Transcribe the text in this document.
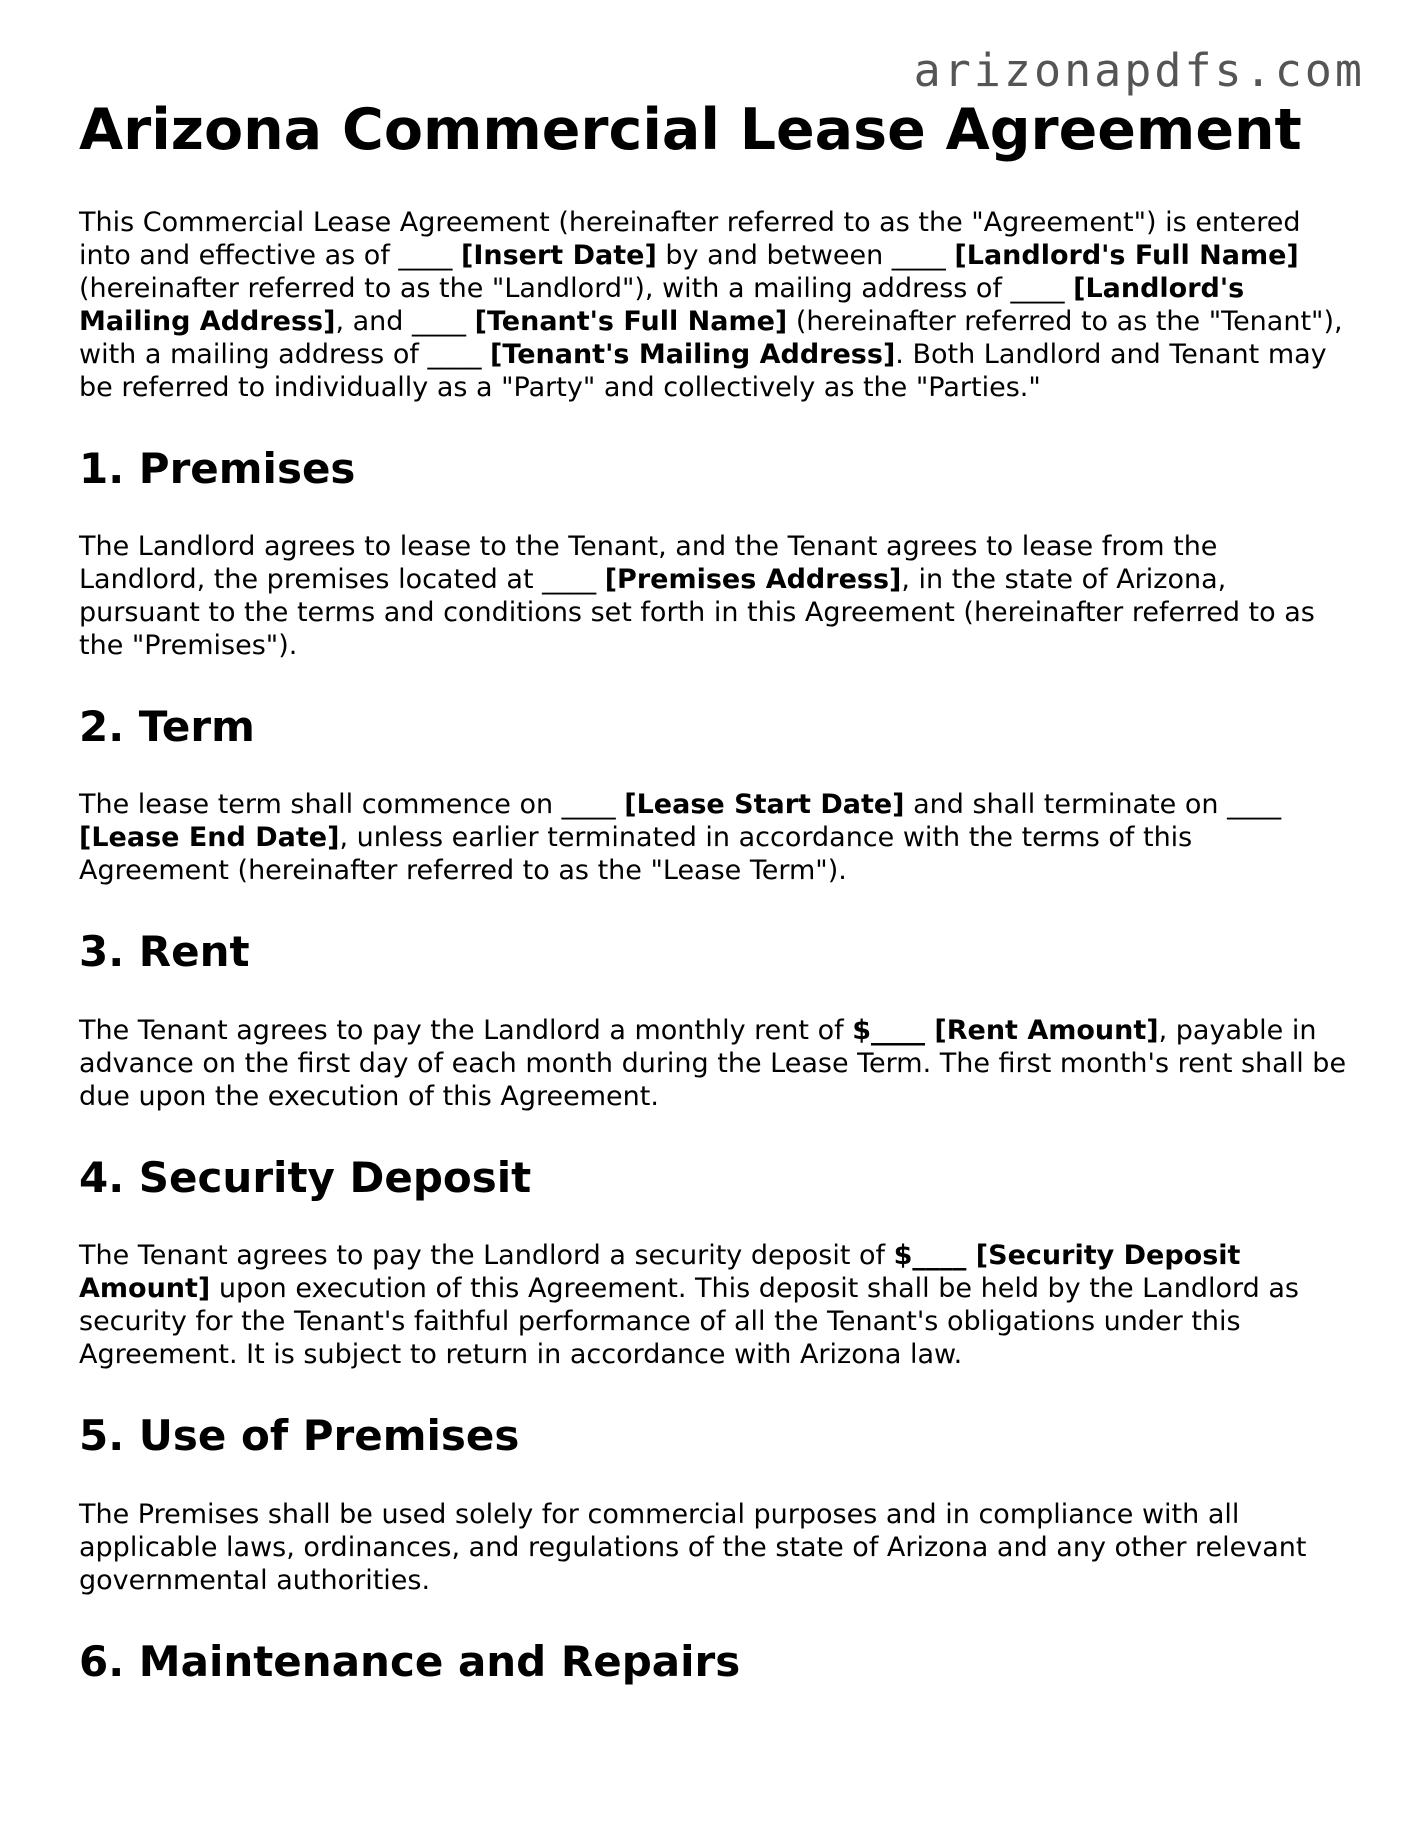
arizonapdfs.com
Arizona Commercial Lease Agreement

This Commercial Lease Agreement (hereinafter referred to as the "Agreement") is entered into and effective as of ____ [Insert Date] by and between ____ [Landlord's Full Name] (hereinafter referred to as the "Landlord"), with a mailing address of ____ [Landlord's Mailing Address], and ____ [Tenant's Full Name] (hereinafter referred to as the "Tenant"), with a mailing address of ____ [Tenant's Mailing Address]. Both Landlord and Tenant may be referred to individually as a "Party" and collectively as the "Parties."

1. Premises

The Landlord agrees to lease to the Tenant, and the Tenant agrees to lease from the Landlord, the premises located at ____ [Premises Address], in the state of Arizona, pursuant to the terms and conditions set forth in this Agreement (hereinafter referred to as the "Premises").

2. Term

The lease term shall commence on ____ [Lease Start Date] and shall terminate on ____ [Lease End Date], unless earlier terminated in accordance with the terms of this Agreement (hereinafter referred to as the "Lease Term").

3. Rent

The Tenant agrees to pay the Landlord a monthly rent of $____ [Rent Amount], payable in advance on the first day of each month during the Lease Term. The first month's rent shall be due upon the execution of this Agreement.

4. Security Deposit

The Tenant agrees to pay the Landlord a security deposit of $____ [Security Deposit Amount] upon execution of this Agreement. This deposit shall be held by the Landlord as security for the Tenant's faithful performance of all the Tenant's obligations under this Agreement. It is subject to return in accordance with Arizona law.

5. Use of Premises

The Premises shall be used solely for commercial purposes and in compliance with all applicable laws, ordinances, and regulations of the state of Arizona and any other relevant governmental authorities.

6. Maintenance and Repairs
